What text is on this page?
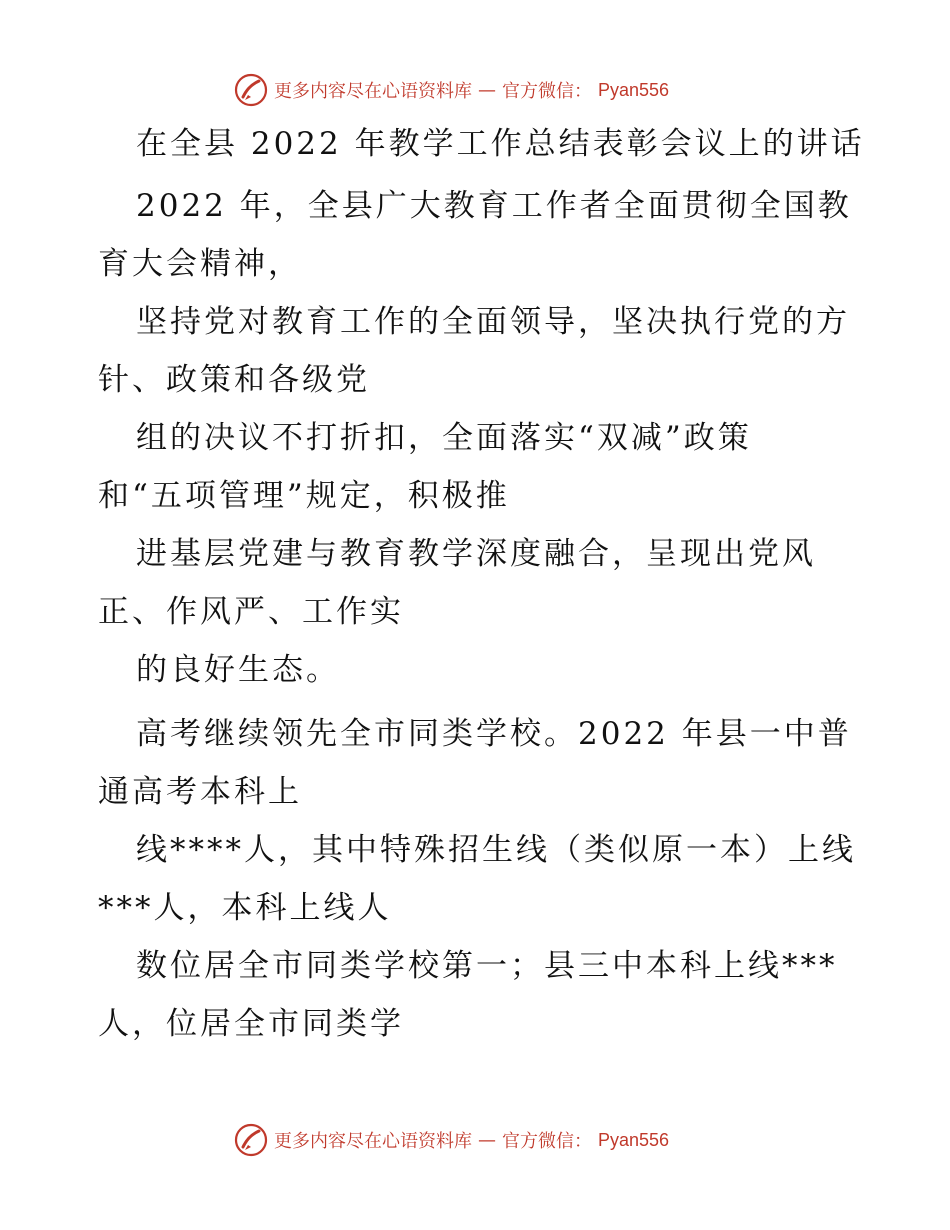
更多内容尽在心语资料库 — 官方微信： Pyan556
在全县 2022 年教学工作总结表彰会议上的讲话
2022 年，全县广大教育工作者全面贯彻全国教
育大会精神，
坚持党对教育工作的全面领导，坚决执行党的方
针、政策和各级党
组的决议不打折扣，全面落实“双减”政策
和“五项管理”规定，积极推
进基层党建与教育教学深度融合，呈现出党风
正、作风严、工作实
的良好生态。
高考继续领先全市同类学校。2022 年县一中普
通高考本科上
线****人，其中特殊招生线（类似原一本）上线
***人，本科上线人
数位居全市同类学校第一；县三中本科上线***
人，位居全市同类学
更多内容尽在心语资料库 — 官方微信： Pyan556
